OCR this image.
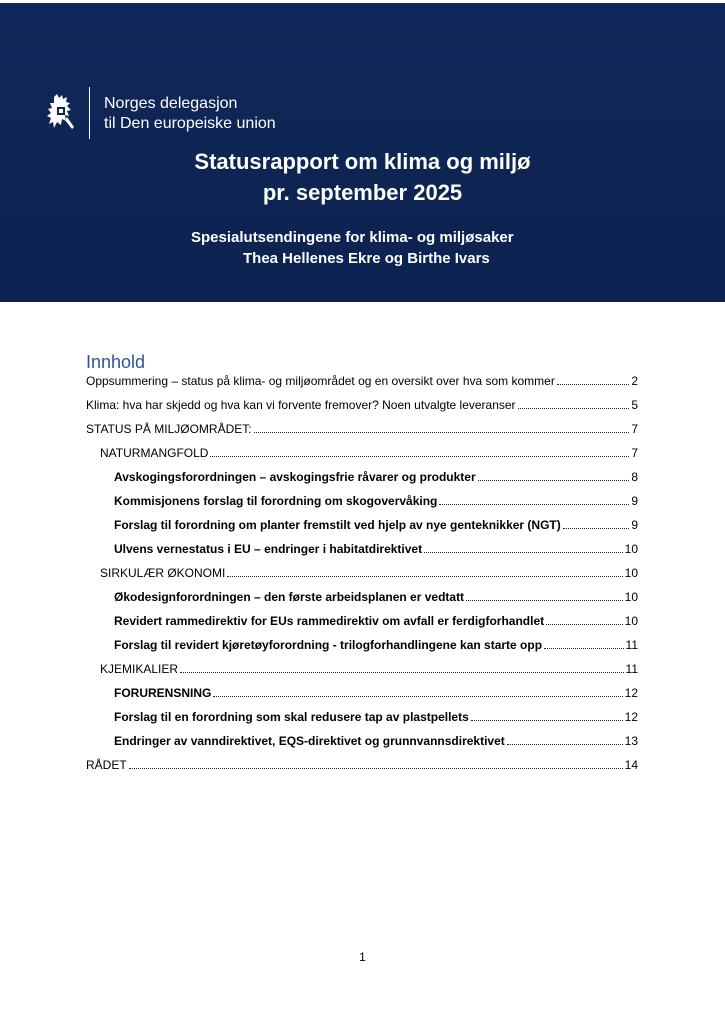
Norges delegasjon
til Den europeiske union
Statusrapport om klima og miljø
pr. september 2025
Spesialutsendingene for klima- og miljøsaker
Thea Hellenes Ekre og Birthe Ivars
Innhold
Oppsummering – status på klima- og miljøområdet og en oversikt over hva som kommer	2
Klima: hva har skjedd og hva kan vi forvente fremover? Noen utvalgte leveranser	5
STATUS PÅ MILJØOMRÅDET:	7
NATURMANGFOLD	7
Avskogingsforordningen – avskogingsfrie råvarer og produkter	8
Kommisjonens forslag til forordning om skogovervåking	9
Forslag til forordning om planter fremstilt ved hjelp av nye genteknikker (NGT)	9
Ulvens vernestatus i EU – endringer i habitatdirektivet	10
SIRKULÆR ØKONOMI	10
Økodesignforordningen – den første arbeidsplanen er vedtatt	10
Revidert rammedirektiv for EUs rammedirektiv om avfall er ferdigforhandlet	10
Forslag til revidert kjøretøyforordning - trilogforhandlingene kan starte opp	11
KJEMIKALIER	11
FORURENSNING	12
Forslag til en forordning som skal redusere tap av plastpellets	12
Endringer av vanndirektivet, EQS-direktivet og grunnvannsdirektivet	13
RÅDET	14
1
